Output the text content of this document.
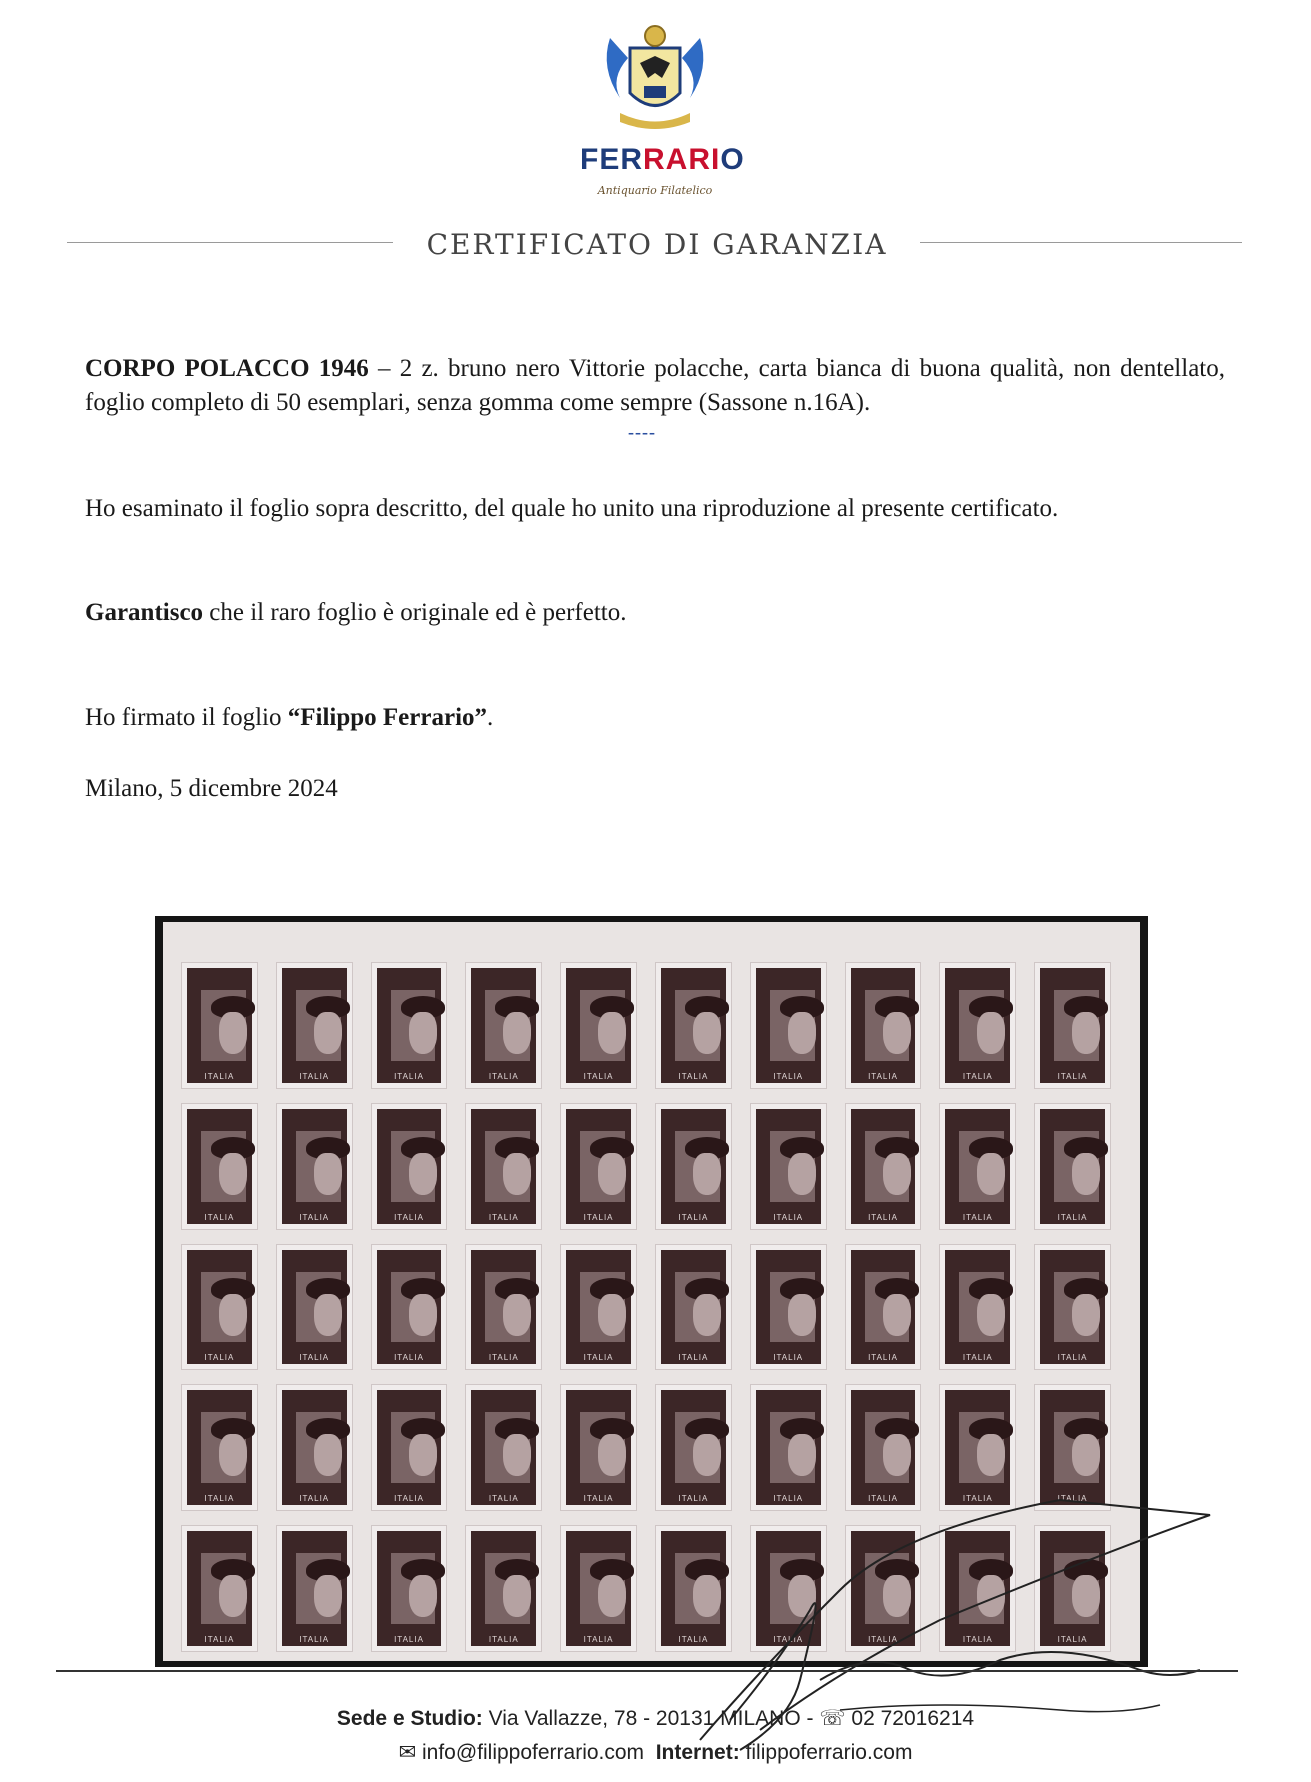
FERRARIO
Antiquario Filatelico
CERTIFICATO DI GARANZIA
CORPO POLACCO 1946 – 2 z. bruno nero Vittorie polacche, carta bianca di buona qualità, non dentellato, foglio completo di 50 esemplari, senza gomma come sempre (Sassone n.16A).
----
Ho esaminato il foglio sopra descritto, del quale ho unito una riproduzione al presente certificato.
Garantisco che il raro foglio è originale ed è perfetto.
Ho firmato il foglio “Filippo Ferrario”.
Milano, 5 dicembre 2024
ITALIA	ITALIA	ITALIA	ITALIA	ITALIA	ITALIA	ITALIA	ITALIA	ITALIA	ITALIA
ITALIA	ITALIA	ITALIA	ITALIA	ITALIA	ITALIA	ITALIA	ITALIA	ITALIA	ITALIA
ITALIA	ITALIA	ITALIA	ITALIA	ITALIA	ITALIA	ITALIA	ITALIA	ITALIA	ITALIA
ITALIA	ITALIA	ITALIA	ITALIA	ITALIA	ITALIA	ITALIA	ITALIA	ITALIA	ITALIA
ITALIA	ITALIA	ITALIA	ITALIA	ITALIA	ITALIA	ITALIA	ITALIA	ITALIA	ITALIA
Sede e Studio: Via Vallazze, 78 - 20131 MILANO - ☏ 02 72016214
✉ info@filippoferrario.com Internet: filippoferrario.com
